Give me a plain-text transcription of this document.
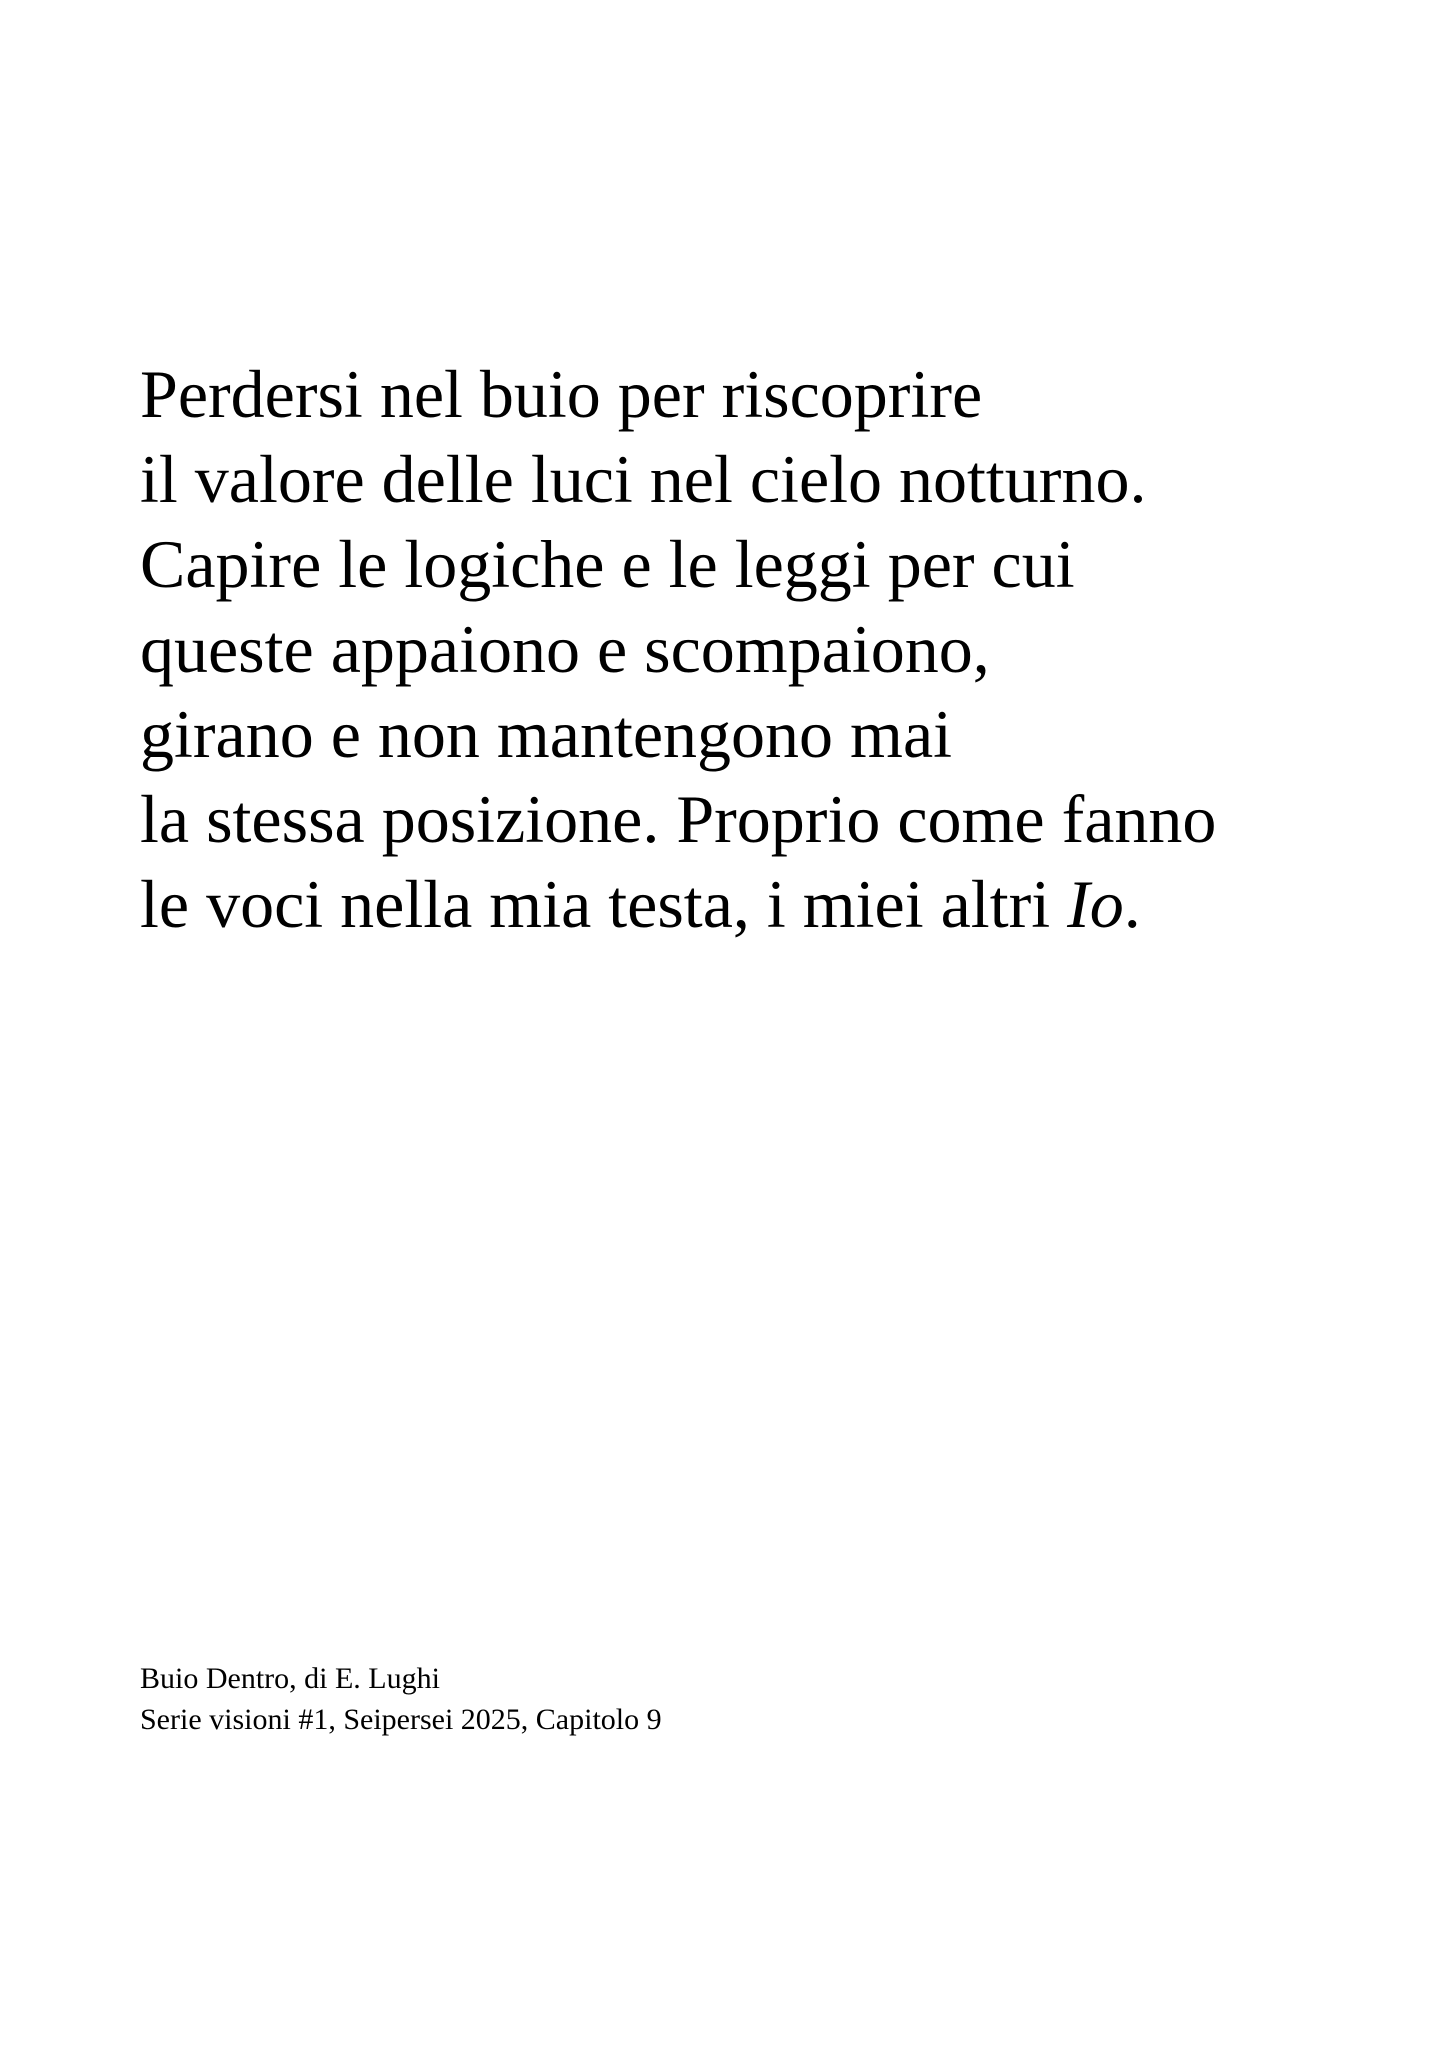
Perdersi nel buio per riscoprire
il valore delle luci nel cielo notturno.
Capire le logiche e le leggi per cui
queste appaiono e scompaiono,
girano e non mantengono mai
la stessa posizione. Proprio come fanno
le voci nella mia testa, i miei altri Io.
Buio Dentro, di E. Lughi
Serie visioni #1, Seipersei 2025, Capitolo 9
